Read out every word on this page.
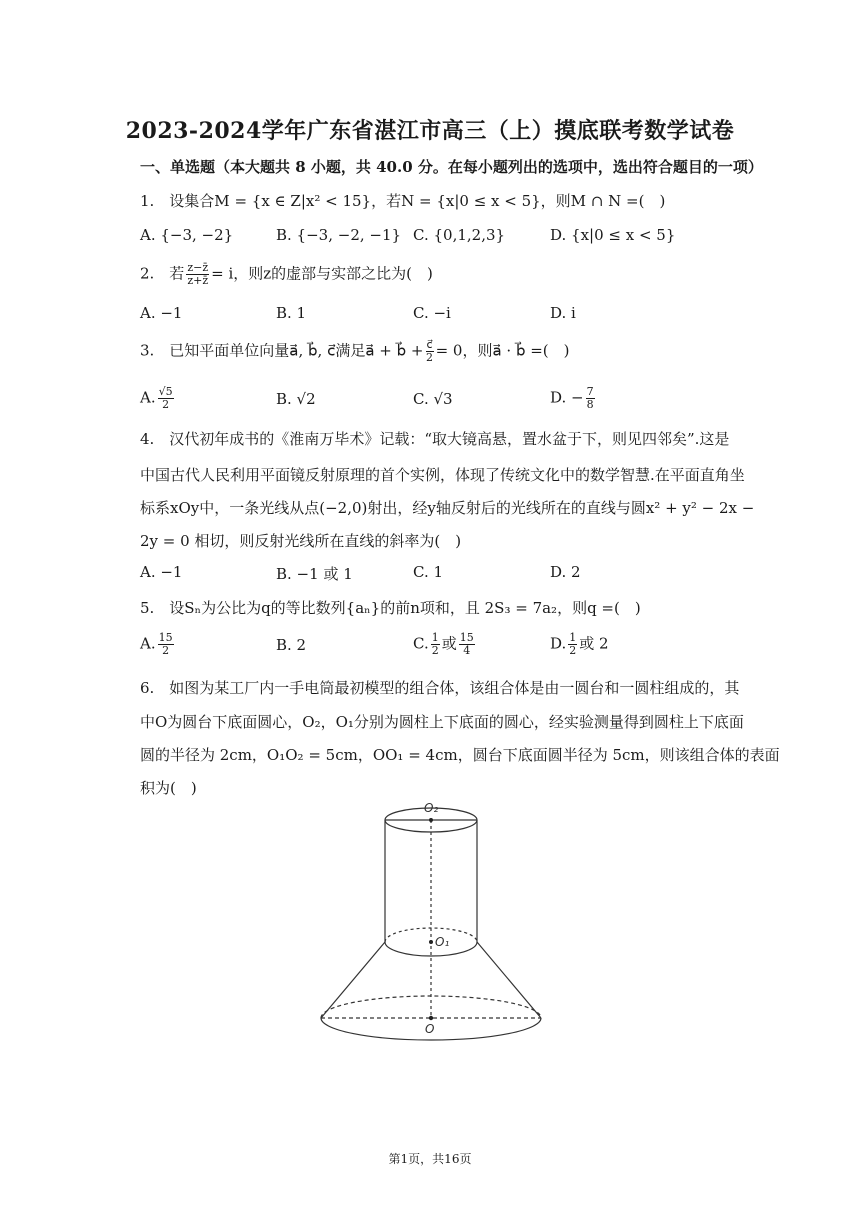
2023-2024学年广东省湛江市高三（上）摸底联考数学试卷
一、单选题（本大题共 8 小题，共 40.0 分。在每小题列出的选项中，选出符合题目的一项）
1. 设集合M = {x ∈ Z|x² < 15}，若N = {x|0 ≤ x < 5}，则M ∩ N =( )
A. {−3, −2}	B. {−3, −2, −1} C. {0,1,2,3}	D. {x|0 ≤ x < 5}
2. 若 $\frac{z-z̄}{z+z̄} = i$，则z的虚部与实部之比为( )
A. −1	B. 1	C. −i	D. i
3. 已知平面单位向量a⃗, b⃗, c⃗满足a⃗ + b⃗ + $\frac{c⃗}{2} = 0$，则a⃗ · b⃗ =( )
A. $\frac{√5}{2}$	B. √2	C. √3	D. − $\frac{7}{8}$
4. 汉代初年成书的《淮南万毕术》记载：“取大镜高悬，置水盆于下，则见四邻矣”.这是
中国古代人民利用平面镜反射原理的首个实例，体现了传统文化中的数学智慧.在平面直角坐
标系xOy中，一条光线从点(−2,0)射出，经y轴反射后的光线所在的直线与圆x² + y² − 2x −
2y = 0 相切，则反射光线所在直线的斜率为( )
A. −1	B. −1 或 1	C. 1	D. 2
5. 设Sₙ为公比为q的等比数列{aₙ}的前n项和，且 2S₃ = 7a₂，则q =( )
A. $\frac{15}{2}$	B. 2	C. $\frac{1}{2}$ 或 $\frac{15}{4}$	D. $\frac{1}{2}$ 或 2
6. 如图为某工厂内一手电筒最初模型的组合体，该组合体是由一圆台和一圆柱组成的，其
中O为圆台下底面圆心，O₂，O₁分别为圆柱上下底面的圆心，经实验测量得到圆柱上下底面
圆的半径为 2cm，O₁O₂ = 5cm，OO₁ = 4cm，圆台下底面圆半径为 5cm，则该组合体的表面
积为( )
O₂
O₁
O
第1页，共16页
